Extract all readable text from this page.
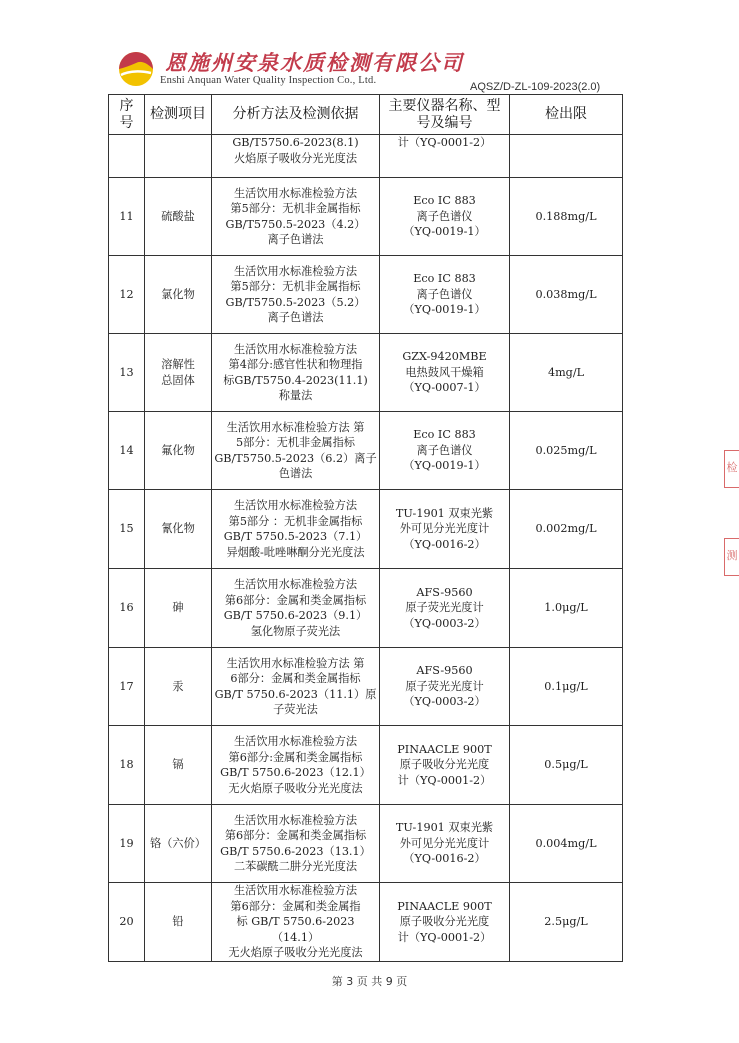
恩施州安泉水质检测有限公司
Enshi Anquan Water Quality Inspection Co., Ltd.
AQSZ/D-ZL-109-2023(2.0)
序号	检测项目	分析方法及检测依据	主要仪器名称、型号及编号	检出限
		GB/T5750.6-2023(8.1)
火焰原子吸收分光光度法	计（YQ-0001-2）	
11	硫酸盐	生活饮用水标准检验方法
第5部分：无机非金属指标
GB/T5750.5-2023（4.2）
离子色谱法	Eco IC 883
离子色谱仪
（YQ-0019-1）	0.188mg/L
12	氯化物	生活饮用水标准检验方法
第5部分：无机非金属指标
GB/T5750.5-2023（5.2）
离子色谱法	Eco IC 883
离子色谱仪
（YQ-0019-1）	0.038mg/L
13	溶解性
总固体	生活饮用水标准检验方法
第4部分:感官性状和物理指
标GB/T5750.4-2023(11.1)
称量法	GZX-9420MBE
电热鼓风干燥箱
（YQ-0007-1）	4mg/L
14	氟化物	生活饮用水标准检验方法 第
5部分：无机非金属指标
GB/T5750.5-2023（6.2）离子
色谱法	Eco IC 883
离子色谱仪
（YQ-0019-1）	0.025mg/L
15	氰化物	生活饮用水标准检验方法
第5部分 ：无机非金属指标
GB/T 5750.5-2023（7.1）
异烟酸-吡唑啉酮分光光度法	TU-1901 双束光紫
外可见分光光度计
（YQ-0016-2）	0.002mg/L
16	砷	生活饮用水标准检验方法
第6部分：金属和类金属指标
GB/T 5750.6-2023（9.1）
氢化物原子荧光法	AFS-9560
原子荧光光度计
（YQ-0003-2）	1.0μg/L
17	汞	生活饮用水标准检验方法 第
6部分：金属和类金属指标
GB/T 5750.6-2023（11.1）原
子荧光法	AFS-9560
原子荧光光度计
（YQ-0003-2）	0.1μg/L
18	镉	生活饮用水标准检验方法
第6部分:金属和类金属指标
GB/T 5750.6-2023（12.1）
无火焰原子吸收分光光度法	PINAACLE 900T
原子吸收分光光度
计（YQ-0001-2）	0.5μg/L
19	铬（六价）	生活饮用水标准检验方法
第6部分：金属和类金属指标
GB/T 5750.6-2023（13.1）
二苯碳酰二肼分光光度法	TU-1901 双束光紫
外可见分光光度计
（YQ-0016-2）	0.004mg/L
20	铅	生活饮用水标准检验方法
第6部分：金属和类金属指
标 GB/T 5750.6-2023（14.1）
无火焰原子吸收分光光度法	PINAACLE 900T
原子吸收分光光度
计（YQ-0001-2）	2.5μg/L
检
测
第 3 页 共 9 页
